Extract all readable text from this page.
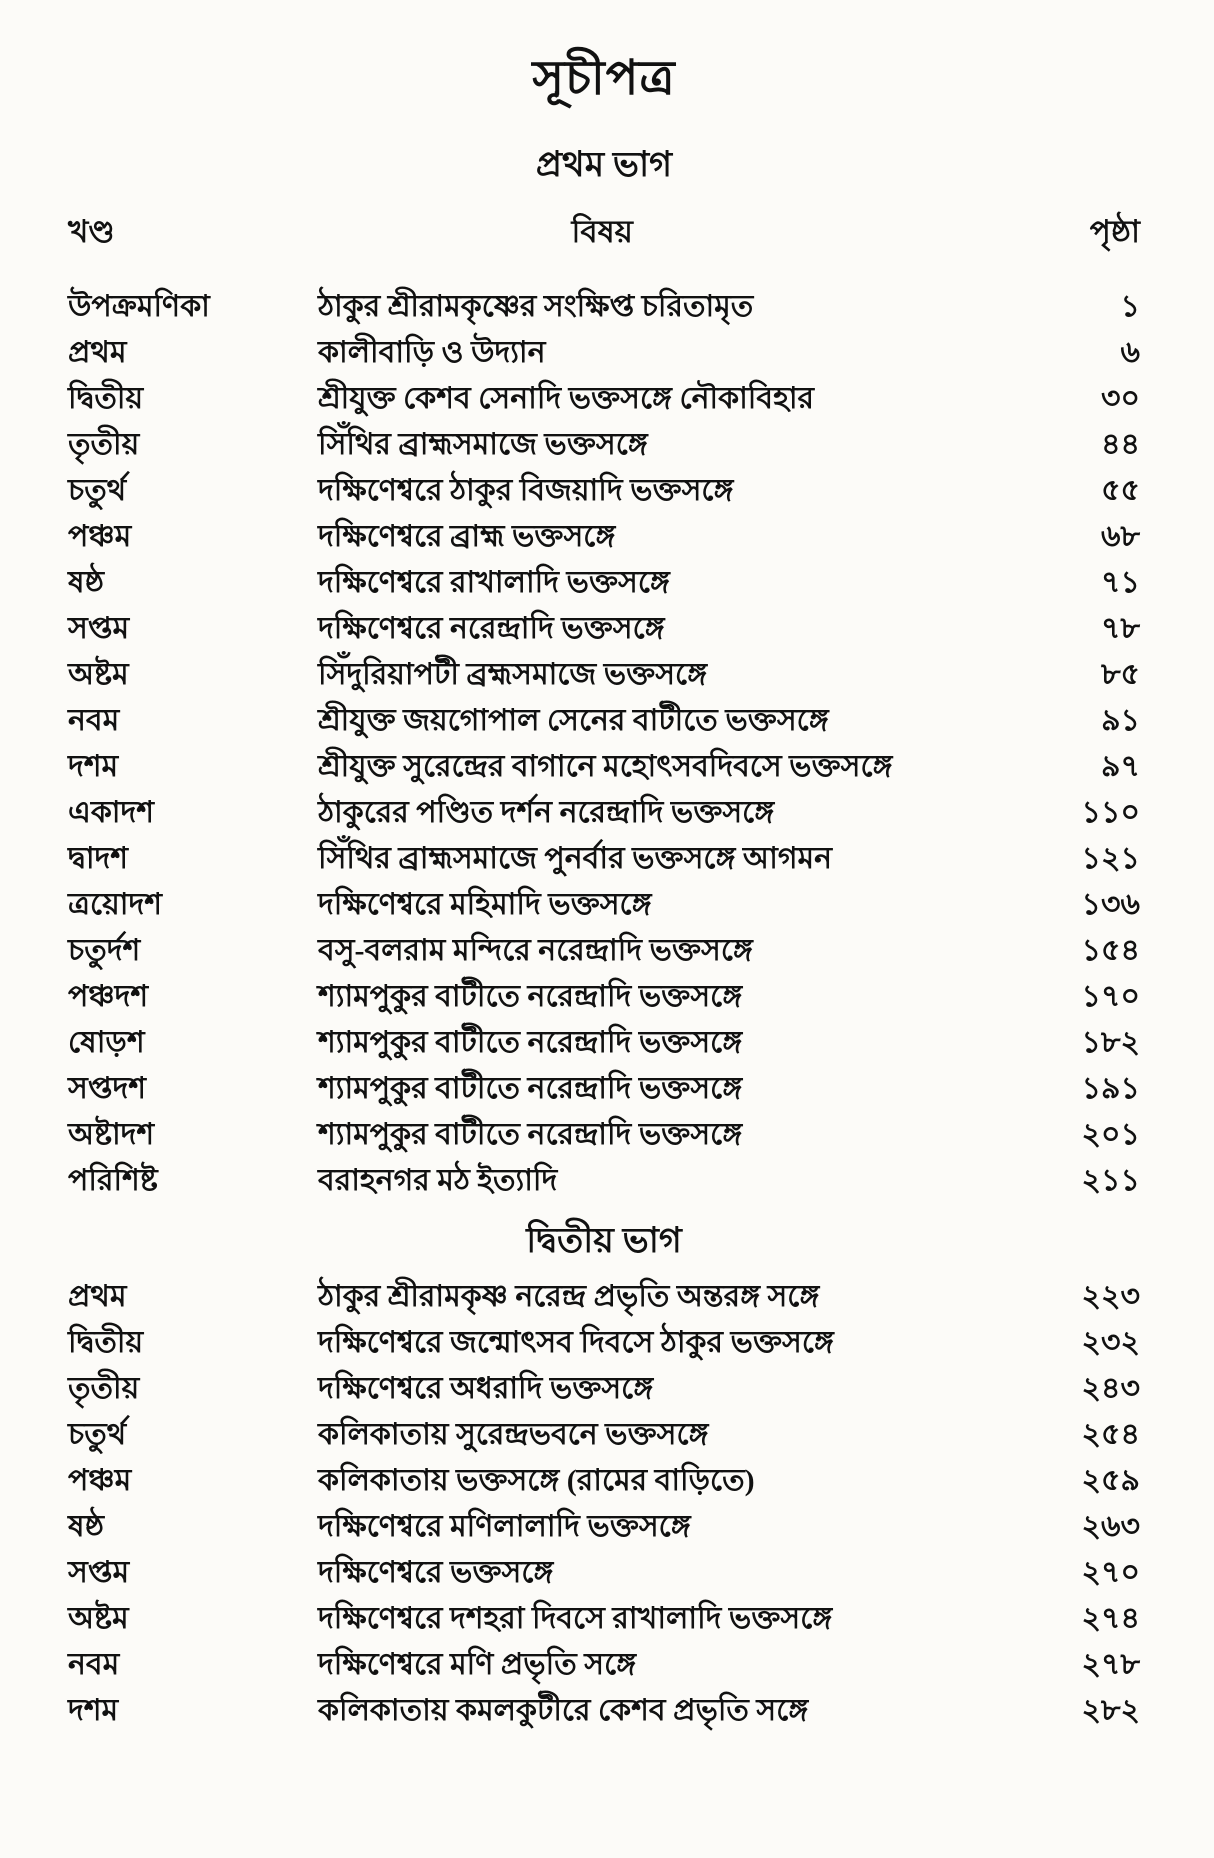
সূচীপত্র
প্রথম ভাগ
খণ্ড	বিষয়	পৃষ্ঠা
উপক্রমণিকা	ঠাকুর শ্রীরামকৃষ্ণের সংক্ষিপ্ত চরিতামৃত	১
প্রথম	কালীবাড়ি ও উদ্যান	৬
দ্বিতীয়	শ্রীযুক্ত কেশব সেনাদি ভক্তসঙ্গে নৌকাবিহার	৩০
তৃতীয়	সিঁথির ব্রাহ্মসমাজে ভক্তসঙ্গে	৪৪
চতুর্থ	দক্ষিণেশ্বরে ঠাকুর বিজয়াদি ভক্তসঙ্গে	৫৫
পঞ্চম	দক্ষিণেশ্বরে ব্রাহ্ম ভক্তসঙ্গে	৬৮
ষষ্ঠ	দক্ষিণেশ্বরে রাখালাদি ভক্তসঙ্গে	৭১
সপ্তম	দক্ষিণেশ্বরে নরেন্দ্রাদি ভক্তসঙ্গে	৭৮
অষ্টম	সিঁদুরিয়াপটী ব্রহ্মসমাজে ভক্তসঙ্গে	৮৫
নবম	শ্রীযুক্ত জয়গোপাল সেনের বাটীতে ভক্তসঙ্গে	৯১
দশম	শ্রীযুক্ত সুরেন্দ্রের বাগানে মহোৎসবদিবসে ভক্তসঙ্গে	৯৭
একাদশ	ঠাকুরের পণ্ডিত দর্শন নরেন্দ্রাদি ভক্তসঙ্গে	১১০
দ্বাদশ	সিঁথির ব্রাহ্মসমাজে পুনর্বার ভক্তসঙ্গে আগমন	১২১
ত্রয়োদশ	দক্ষিণেশ্বরে মহিমাদি ভক্তসঙ্গে	১৩৬
চতুর্দশ	বসু-বলরাম মন্দিরে নরেন্দ্রাদি ভক্তসঙ্গে	১৫৪
পঞ্চদশ	শ্যামপুকুর বাটীতে নরেন্দ্রাদি ভক্তসঙ্গে	১৭০
ষোড়শ	শ্যামপুকুর বাটীতে নরেন্দ্রাদি ভক্তসঙ্গে	১৮২
সপ্তদশ	শ্যামপুকুর বাটীতে নরেন্দ্রাদি ভক্তসঙ্গে	১৯১
অষ্টাদশ	শ্যামপুকুর বাটীতে নরেন্দ্রাদি ভক্তসঙ্গে	২০১
পরিশিষ্ট	বরাহনগর মঠ ইত্যাদি	২১১
দ্বিতীয় ভাগ
প্রথম	ঠাকুর শ্রীরামকৃষ্ণ নরেন্দ্র প্রভৃতি অন্তরঙ্গ সঙ্গে	২২৩
দ্বিতীয়	দক্ষিণেশ্বরে জন্মোৎসব দিবসে ঠাকুর ভক্তসঙ্গে	২৩২
তৃতীয়	দক্ষিণেশ্বরে অধরাদি ভক্তসঙ্গে	২৪৩
চতুর্থ	কলিকাতায় সুরেন্দ্রভবনে ভক্তসঙ্গে	২৫৪
পঞ্চম	কলিকাতায় ভক্তসঙ্গে (রামের বাড়িতে)	২৫৯
ষষ্ঠ	দক্ষিণেশ্বরে মণিলালাদি ভক্তসঙ্গে	২৬৩
সপ্তম	দক্ষিণেশ্বরে ভক্তসঙ্গে	২৭০
অষ্টম	দক্ষিণেশ্বরে দশহরা দিবসে রাখালাদি ভক্তসঙ্গে	২৭৪
নবম	দক্ষিণেশ্বরে মণি প্রভৃতি সঙ্গে	২৭৮
দশম	কলিকাতায় কমলকুটীরে কেশব প্রভৃতি সঙ্গে	২৮২
